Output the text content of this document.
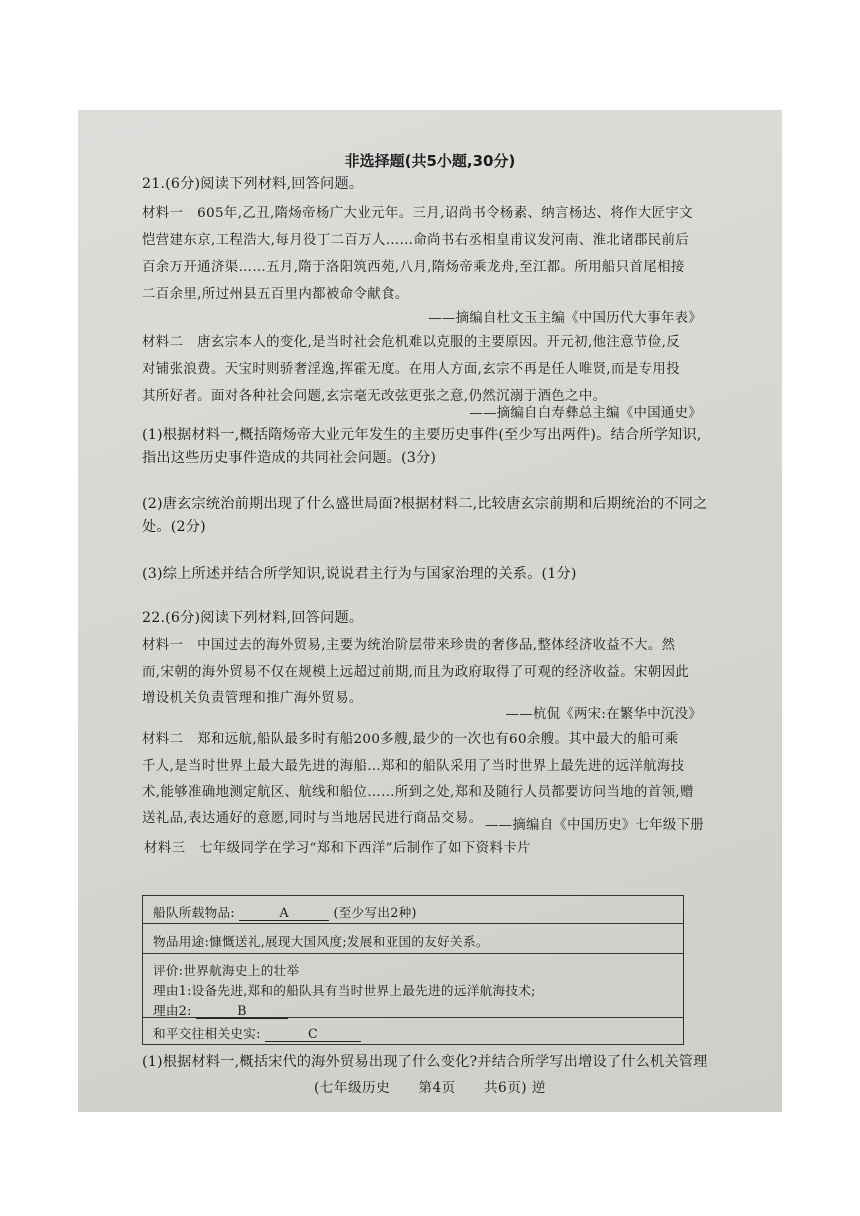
非选择题(共5小题,30分)
21.(6分)阅读下列材料,回答问题。
材料一　605年,乙丑,隋炀帝杨广大业元年。三月,诏尚书令杨素、纳言杨达、将作大匠宇文
恺营建东京,工程浩大,每月役丁二百万人……命尚书右丞相皇甫议发河南、淮北诸郡民前后
百余万开通济渠……五月,隋于洛阳筑西苑,八月,隋炀帝乘龙舟,至江都。所用船只首尾相接
二百余里,所过州县五百里内都被命令献食。
——摘编自杜文玉主编《中国历代大事年表》
材料二　唐玄宗本人的变化,是当时社会危机难以克服的主要原因。开元初,他注意节俭,反
对铺张浪费。天宝时则骄奢淫逸,挥霍无度。在用人方面,玄宗不再是任人唯贤,而是专用投
其所好者。面对各种社会问题,玄宗毫无改弦更张之意,仍然沉溺于酒色之中。
——摘编自白寿彝总主编《中国通史》
(1)根据材料一,概括隋炀帝大业元年发生的主要历史事件(至少写出两件)。结合所学知识,
指出这些历史事件造成的共同社会问题。(3分)
(2)唐玄宗统治前期出现了什么盛世局面?根据材料二,比较唐玄宗前期和后期统治的不同之
处。(2分)
(3)综上所述并结合所学知识,说说君主行为与国家治理的关系。(1分)
22.(6分)阅读下列材料,回答问题。
材料一　中国过去的海外贸易,主要为统治阶层带来珍贵的奢侈品,整体经济收益不大。然
而,宋朝的海外贸易不仅在规模上远超过前期,而且为政府取得了可观的经济收益。宋朝因此
增设机关负责管理和推广海外贸易。
——杭侃《两宋:在繁华中沉没》
材料二　郑和远航,船队最多时有船200多艘,最少的一次也有60余艘。其中最大的船可乘
千人,是当时世界上最大最先进的海船…郑和的船队采用了当时世界上最先进的远洋航海技
术,能够准确地测定航区、航线和船位……所到之处,郑和及随行人员都要访问当地的首领,赠
送礼品,表达通好的意愿,同时与当地居民进行商品交易。 ——摘编自《中国历史》七年级下册
材料三　七年级同学在学习“郑和下西洋”后制作了如下资料卡片
船队所载物品:	A	(至少写出2种)
物品用途:慷慨送礼,展现大国风度;发展和亚国的友好关系。
评价:世界航海史上的壮举
理由1:设备先进,郑和的船队具有当时世界上最先进的远洋航海技术;
理由2:	B
和平交往相关史实:	C
(1)根据材料一,概括宋代的海外贸易出现了什么变化?并结合所学写出增设了什么机关管理
(七年级历史　　第4页　　共6页) 逆
